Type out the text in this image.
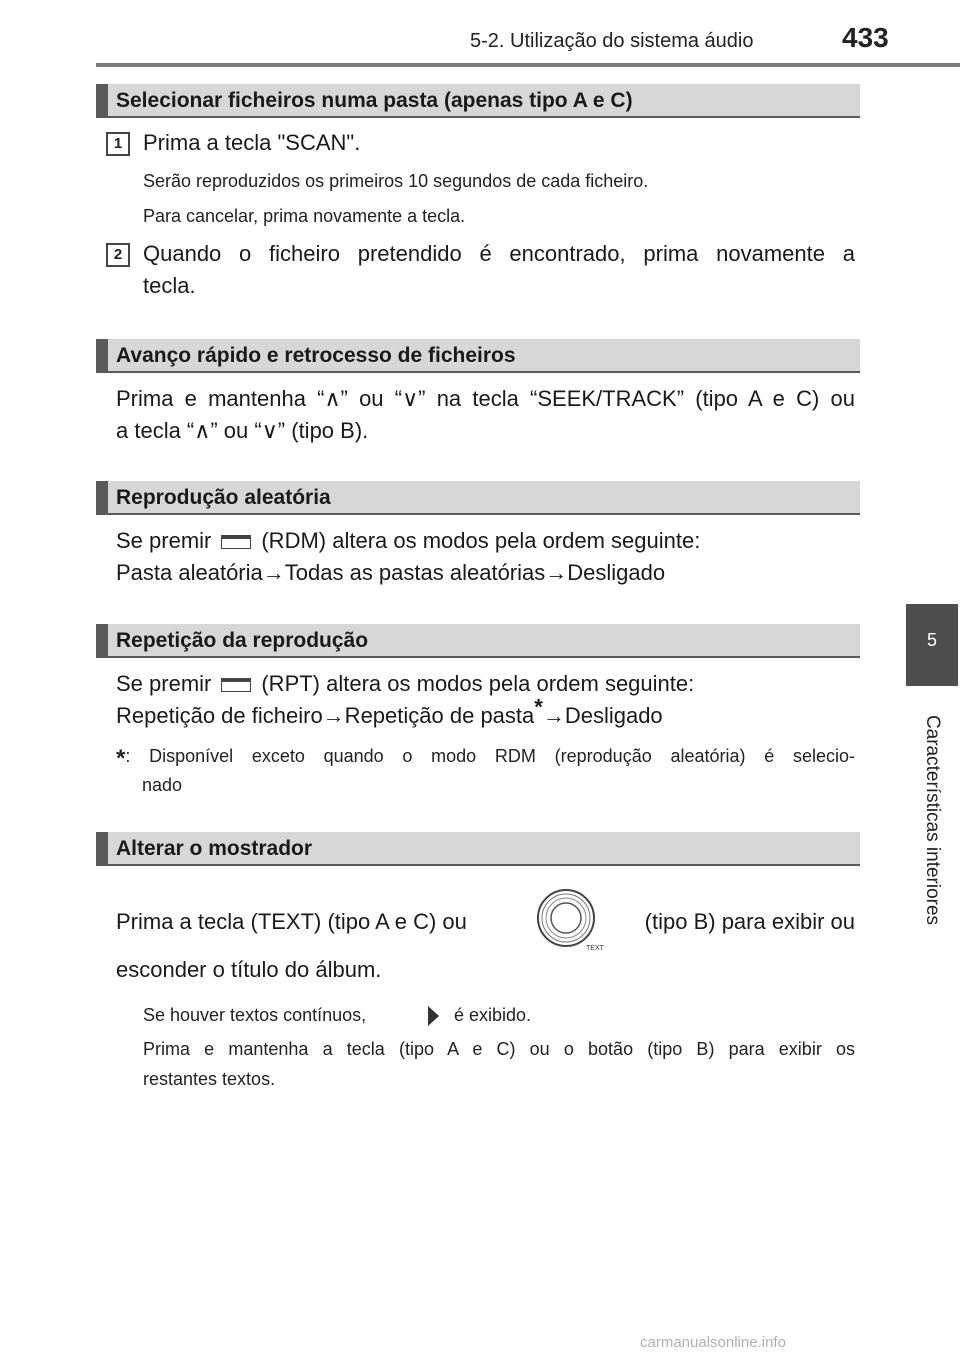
5-2. Utilização do sistema áudio	433
5
Características interiores
Selecionar ficheiros numa pasta (apenas tipo A e C)
1 Prima a tecla "SCAN".
Serão reproduzidos os primeiros 10 segundos de cada ficheiro.
Para cancelar, prima novamente a tecla.
2 Quando o ficheiro pretendido é encontrado, prima novamente a
tecla.
Avanço rápido e retrocesso de ficheiros
Prima e mantenha “∧” ou “∨” na tecla “SEEK/TRACK” (tipo A e C) ou
a tecla “∧” ou “∨” (tipo B).
Reprodução aleatória
Se premir (RDM) altera os modos pela ordem seguinte:
Pasta aleatória→Todas as pastas aleatórias→Desligado
Repetição da reprodução
Se premir (RPT) altera os modos pela ordem seguinte:
Repetição de ficheiro→Repetição de pasta*→Desligado
*: Disponível exceto quando o modo RDM (reprodução aleatória) é selecio-
nado
Alterar o mostrador
Prima a tecla (TEXT) (tipo A e C) ou
TEXT
(tipo B) para exibir ou
esconder o título do álbum.
Se houver textos contínuos,	é exibido.
Prima e mantenha a tecla (tipo A e C) ou o botão (tipo B) para exibir os
restantes textos.
carmanualsonline.info
